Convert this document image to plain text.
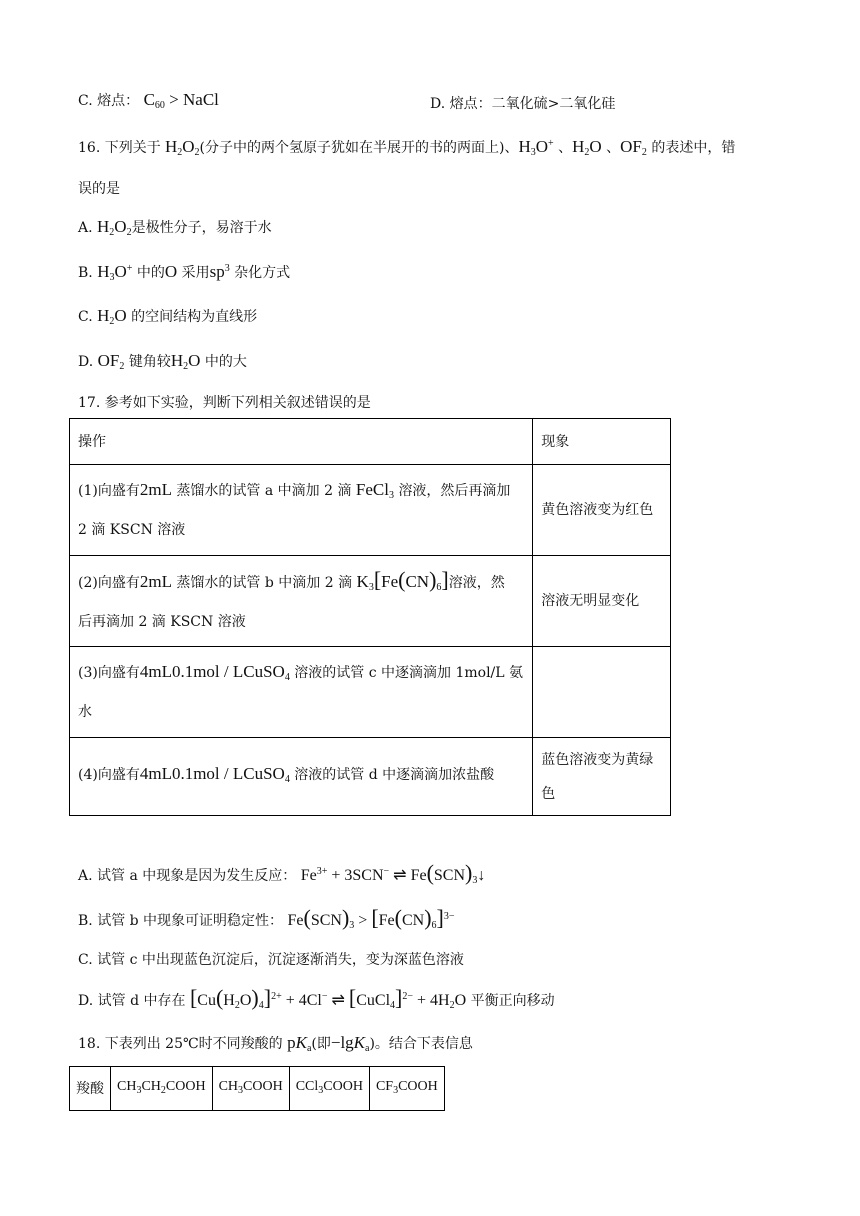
C. 熔点： $C_{60}$ > NaCl	D. 熔点：二氧化硫>二氧化硅
16. 下列关于 $H_2O_2$(分子中的两个氢原子犹如在半展开的书的两面上)、$H_3O^+$ 、$H_2O$ 、$OF_2$ 的表述中，错
误的是
A. $H_2O_2$是极性分子，易溶于水
B. $H_3O^+$ 中的O 采用$sp^3$ 杂化方式
C. $H_2O$ 的空间结构为直线形
D. $OF_2$ 键角较$H_2O$ 中的大
17. 参考如下实验，判断下列相关叙述错误的是
操作	现象
(1)向盛有2mL 蒸馏水的试管 a 中滴加 2 滴 FeCl$_3$ 溶液，然后再滴加
2 滴 KSCN 溶液	黄色溶液变为红色
(2)向盛有2mL 蒸馏水的试管 b 中滴加 2 滴 $K_3[Fe(CN)_6]$溶液，然
后再滴加 2 滴 KSCN 溶液	溶液无明显变化
(3)向盛有4mL0.1mol / LCuSO$_4$ 溶液的试管 c 中逐滴滴加 1mol/L 氨
水	
(4)向盛有4mL0.1mol / LCuSO$_4$ 溶液的试管 d 中逐滴滴加浓盐酸	蓝色溶液变为黄绿色
A. 试管 a 中现象是因为发生反应： $Fe^{3+} + 3SCN^-$ ⇌ $Fe(SCN)_3↓$
B. 试管 b 中现象可证明稳定性： $Fe(SCN)_3 > [Fe(CN)_6]^{3-}$
C. 试管 c 中出现蓝色沉淀后，沉淀逐渐消失，变为深蓝色溶液
D. 试管 d 中存在 $[Cu(H_2O)_4]^{2+} + 4Cl^-$ ⇌ [CuCl$_4$]$^{2-}$ + $4H_2O$ 平衡正向移动
18. 下表列出 25℃时不同羧酸的 $pK_a$(即−lgK$_a$)。结合下表信息
羧酸	$CH_3CH_2COOH$	$CH_3COOH$	CCl$_3$COOH	$CF_3COOH$
